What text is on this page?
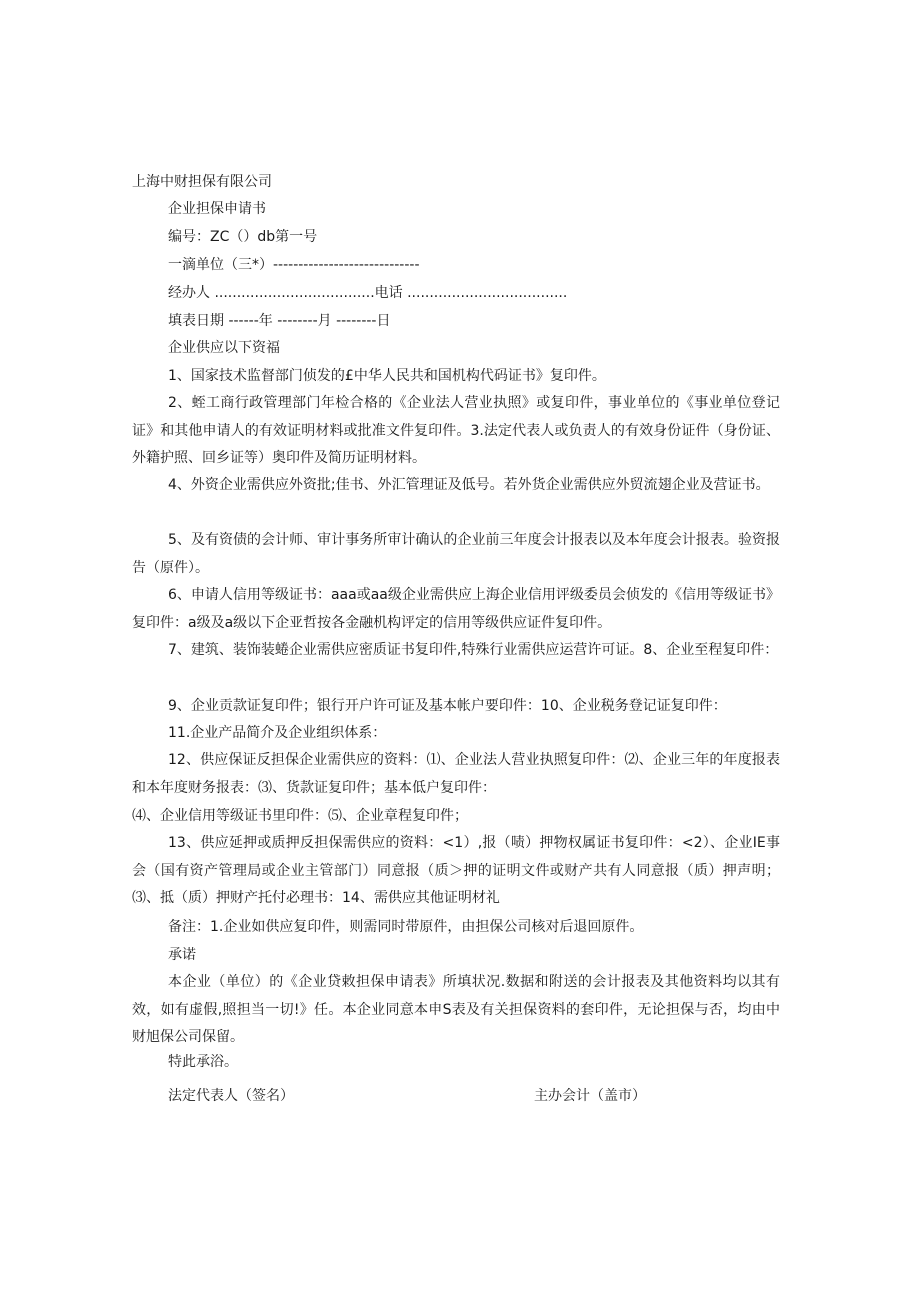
上海中财担保有限公司
企业担保申请书
编号：ZC（）db第一号
一滴单位（三*）-----------------------------
经办人 ....................................电话 ....................................
填表日期 ------年 --------月 --------日
企业供应以下资福
1、国家技术监督部门侦发的£中华人民共和国机构代码证书》复印件。

2、蛭工商行政管理部门年检合格的《企业法人营业执照》或复印件，事业单位的《事业单位登记证》和其他申请人的有效证明材料或批准文件复印件。3.法定代表人或负责人的有效身份证件（身份证、外籍护照、回乡证等）奥印件及简历证明材料。

4、外资企业需供应外资批;佳书、外汇管理证及低号。若外货企业需供应外贸流翅企业及营证书。

5、及有资债的会计师、审计事务所审计确认的企业前三年度会计报表以及本年度会计报表。验资报告（原件）。

6、申请人信用等级证书：aaa或aa级企业需供应上海企业信用评级委员会侦发的《信用等级证书》复印件：a级及a级以下企亚哲按各金融机构评定的信用等级供应证件复印件。

7、建筑、装饰装蜷企业需供应密质证书复印件,特殊行业需供应运营许可证。8、企业至程复印件：

9、企业贡款证复印件；银行开户许可证及基本帐户要印件：10、企业税务登记证复印件：
11.企业产品简介及企业组织体系：

12、供应保证反担保企业需供应的资料：⑴、企业法人营业执照复印件：⑵、企业三年的年度报表和本年度财务报表：⑶、货款证复印件；基本低户复印件：

⑷、企业信用等级证书里印件：⑸、企业章程复印件；

13、供应延押或质押反担保需供应的资料：<1）,报（啧）押物权属证书复印件：<2）、企业IE事会（国有资产管理局或企业主管部门）同意报（质＞押的证明文件或财产共有人同意报（质）押声明；⑶、抵（质）押财产托付必理书：14、需供应其他证明材礼

备注：1.企业如供应复印件，则需同时带原件，由担保公司核对后退回原件。
承诺

本企业（单位）的《企业贷敕担保申请表》所填状况.数据和附送的会计报表及其他资料均以其有效，如有虚假,照担当一切!》任。本企业同意本申S表及有关担保资料的套印件，无论担保与否，均由中财旭保公司保留。

特此承浴。
法定代表人（签名）	主办会计（盖市）
